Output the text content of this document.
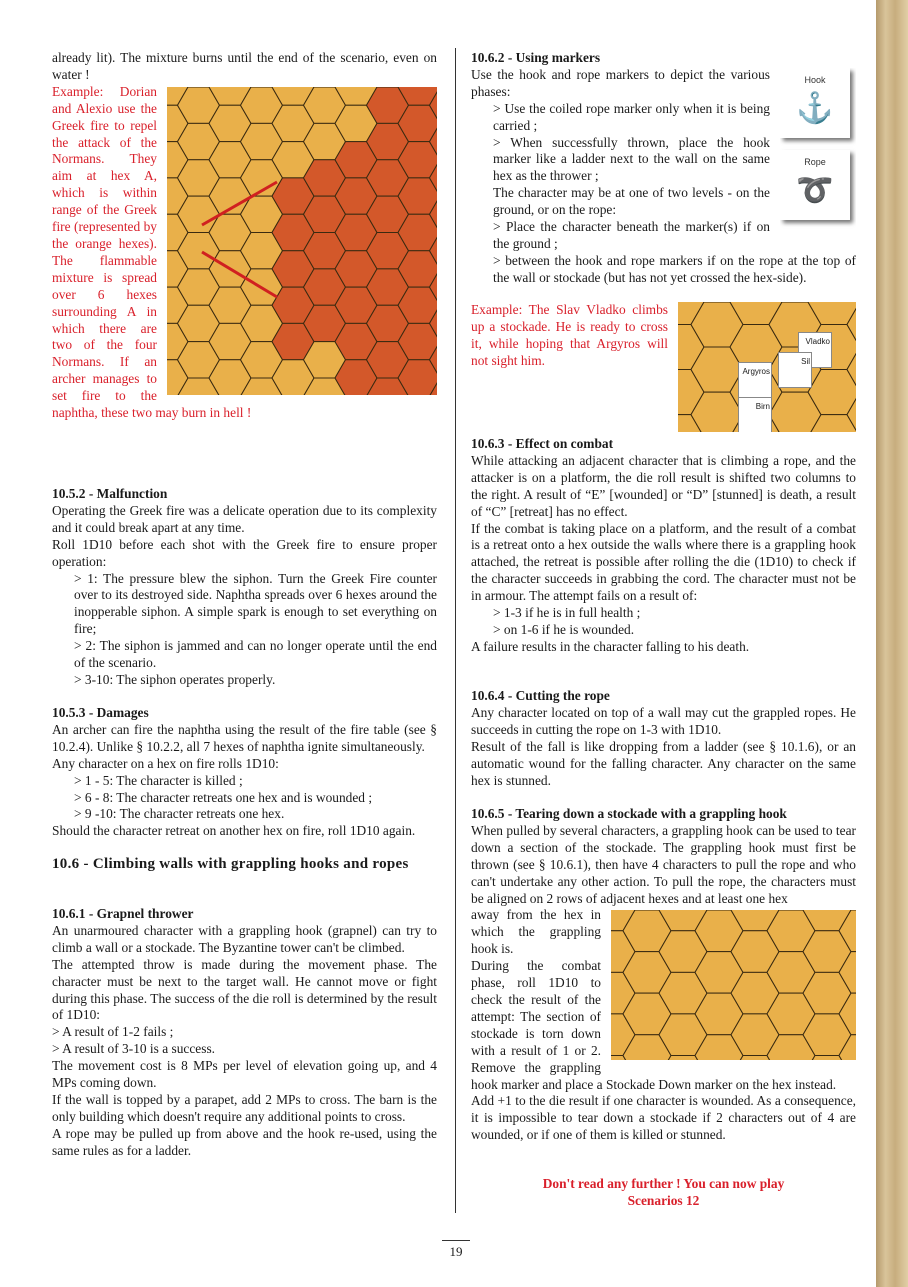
already lit). The mixture burns until the end of the scenario, even on water !
Example: Dorian and Alexio use the Greek fire to repel the attack of the Normans. They aim at hex A, which is within range of the Greek fire (represented by the orange hexes). The flammable mixture is spread over 6 hexes surrounding A in which there are two of the four Normans. If an archer manages to set fire to the naphtha, these two may burn in hell !
10.5.2 - Malfunction
Operating the Greek fire was a delicate operation due to its complexity and it could break apart at any time.
Roll 1D10 before each shot with the Greek fire to ensure proper operation:
> 1: The pressure blew the siphon. Turn the Greek Fire counter over to its destroyed side. Naphtha spreads over 6 hexes around the inopperable siphon. A simple spark is enough to set everything on fire;
> 2: The siphon is jammed and can no longer operate until the end of the scenario.
> 3-10: The siphon operates properly.
10.5.3 - Damages
An archer can fire the naphtha using the result of the fire table (see § 10.2.4). Unlike § 10.2.2, all 7 hexes of naphtha ignite simultaneously.
Any character on a hex on fire rolls 1D10:
> 1 - 5: The character is killed ;
> 6 - 8: The character retreats one hex and is wounded ;
> 9 -10: The character retreats one hex.
Should the character retreat on another hex on fire, roll 1D10 again.
10.6 - Climbing walls with grappling hooks and ropes
10.6.1 - Grapnel thrower
An unarmoured character with a grappling hook (grapnel) can try to climb a wall or a stockade. The Byzantine tower can't be climbed.
The attempted throw is made during the movement phase. The character must be next to the target wall. He cannot move or fight during this phase. The success of the die roll is determined by the result of 1D10:
> A result of 1-2 fails ;
> A result of 3-10 is a success.
The movement cost is 8 MPs per level of elevation going up, and 4 MPs coming down.
If the wall is topped by a parapet, add 2 MPs to cross. The barn is the only building which doesn't require any additional points to cross.
A rope may be pulled up from above and the hook re-used, using the same rules as for a ladder.
Hook
⚓
Rope
➰
10.6.2 - Using markers
Use the hook and rope markers to depict the various phases:
> Use the coiled rope marker only when it is being carried ;
> When successfully thrown, place the hook marker like a ladder next to the wall on the same hex as the thrower ;
The character may be at one of two levels - on the ground, or on the rope:
> Place the character beneath the marker(s) if on the ground ;
> between the hook and rope markers if on the rope at the top of the wall or stockade (but has not yet crossed the hex-side).
Vladko
Argyros
Sil
Birn
Example: The Slav Vladko climbs up a stockade. He is ready to cross it, while hoping that Argyros will not sight him.
10.6.3 - Effect on combat
While attacking an adjacent character that is climbing a rope, and the attacker is on a platform, the die roll result is shifted two columns to the right. A result of “E” [wounded] or “D” [stunned] is death, a result of “C” [retreat] has no effect.
If the combat is taking place on a platform, and the result of a combat is a retreat onto a hex outside the walls where there is a grappling hook attached, the retreat is possible after rolling the die (1D10) to check if the character succeeds in grabbing the cord. The character must not be in armour. The attempt fails on a result of:
> 1-3 if he is in full health ;
> on 1-6 if he is wounded.
A failure results in the character falling to his death.
10.6.4 - Cutting the rope
Any character located on top of a wall may cut the grappled ropes. He succeeds in cutting the rope on 1-3 with 1D10.
Result of the fall is like dropping from a ladder (see § 10.1.6), or an automatic wound for the falling character. Any character on the same hex is stunned.
10.6.5 - Tearing down a stockade with a grappling hook
When pulled by several characters, a grappling hook can be used to tear down a section of the stockade. The grappling hook must first be thrown (see § 10.6.1), then have 4 characters to pull the rope and who can't undertake any other action. To pull the rope, the characters must be aligned on 2 rows of adjacent hexes and at least one hex
away from the hex in which the grappling hook is.
During the combat phase, roll 1D10 to check the result of the attempt: The section of stockade is torn down with a result of 1 or 2. Remove the grappling hook marker and place a Stockade Down marker on the hex instead.
Add +1 to the die result if one character is wounded. As a consequence, it is impossible to tear down a stockade if 2 characters out of 4 are wounded, or if one of them is killed or stunned.
Don't read any further ! You can now play
Scenarios 12
19
